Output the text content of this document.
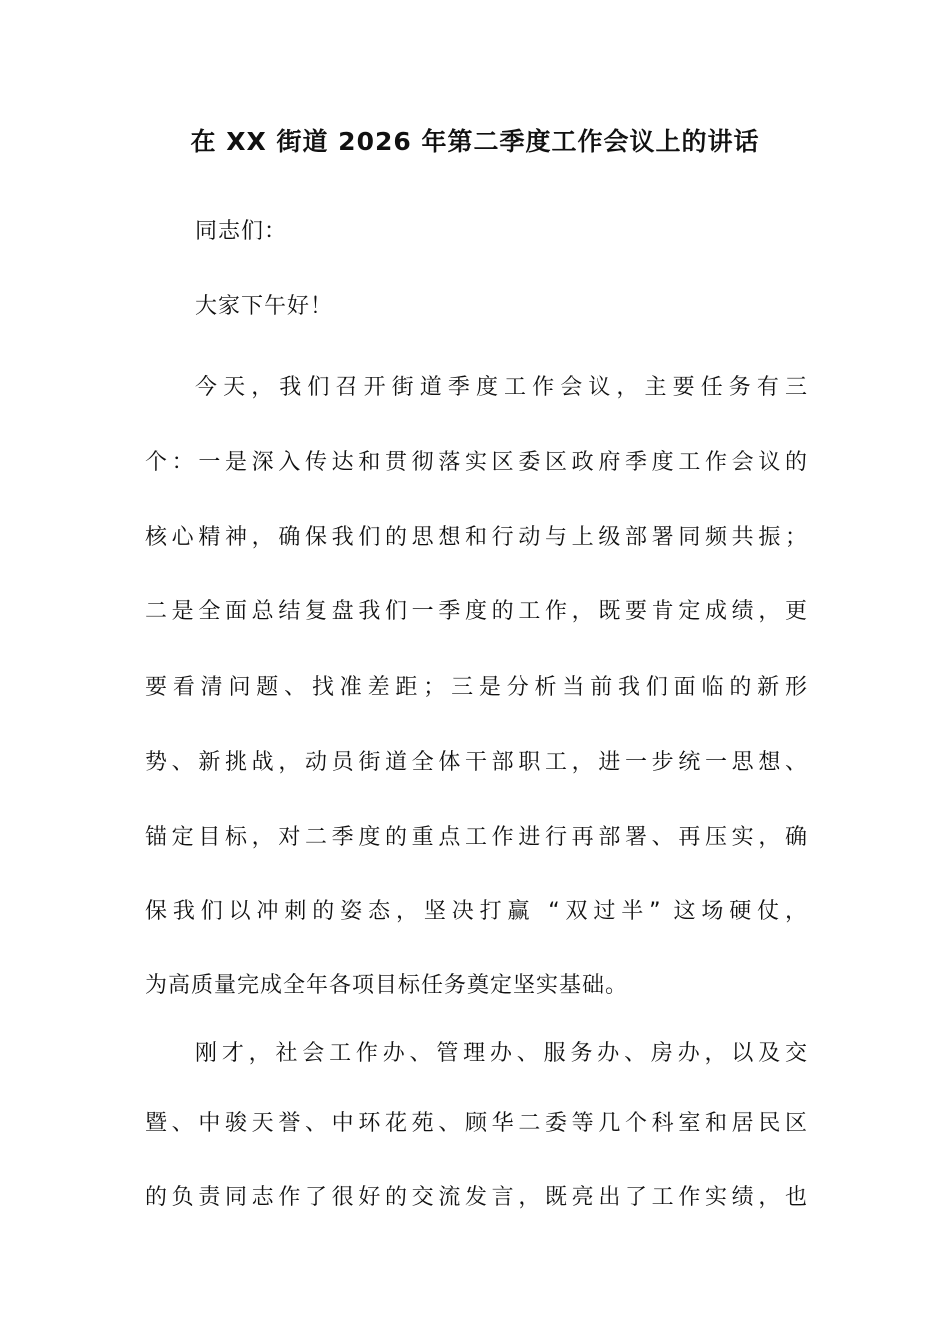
在 XX 街道 2026 年第二季度工作会议上的讲话
同志们：
大家下午好！
今天，我们召开街道季度工作会议，主要任务有三
个：一是深入传达和贯彻落实区委区政府季度工作会议的
核心精神，确保我们的思想和行动与上级部署同频共振；
二是全面总结复盘我们一季度的工作，既要肯定成绩，更
要看清问题、找准差距；三是分析当前我们面临的新形
势、新挑战，动员街道全体干部职工，进一步统一思想、
锚定目标，对二季度的重点工作进行再部署、再压实，确
保我们以冲刺的姿态，坚决打赢 “双过半” 这场硬仗，
为高质量完成全年各项目标任务奠定坚实基础。
刚才，社会工作办、管理办、服务办、房办，以及交
暨、中骏天誉、中环花苑、顾华二委等几个科室和居民区
的负责同志作了很好的交流发言，既亮出了工作实绩，也
